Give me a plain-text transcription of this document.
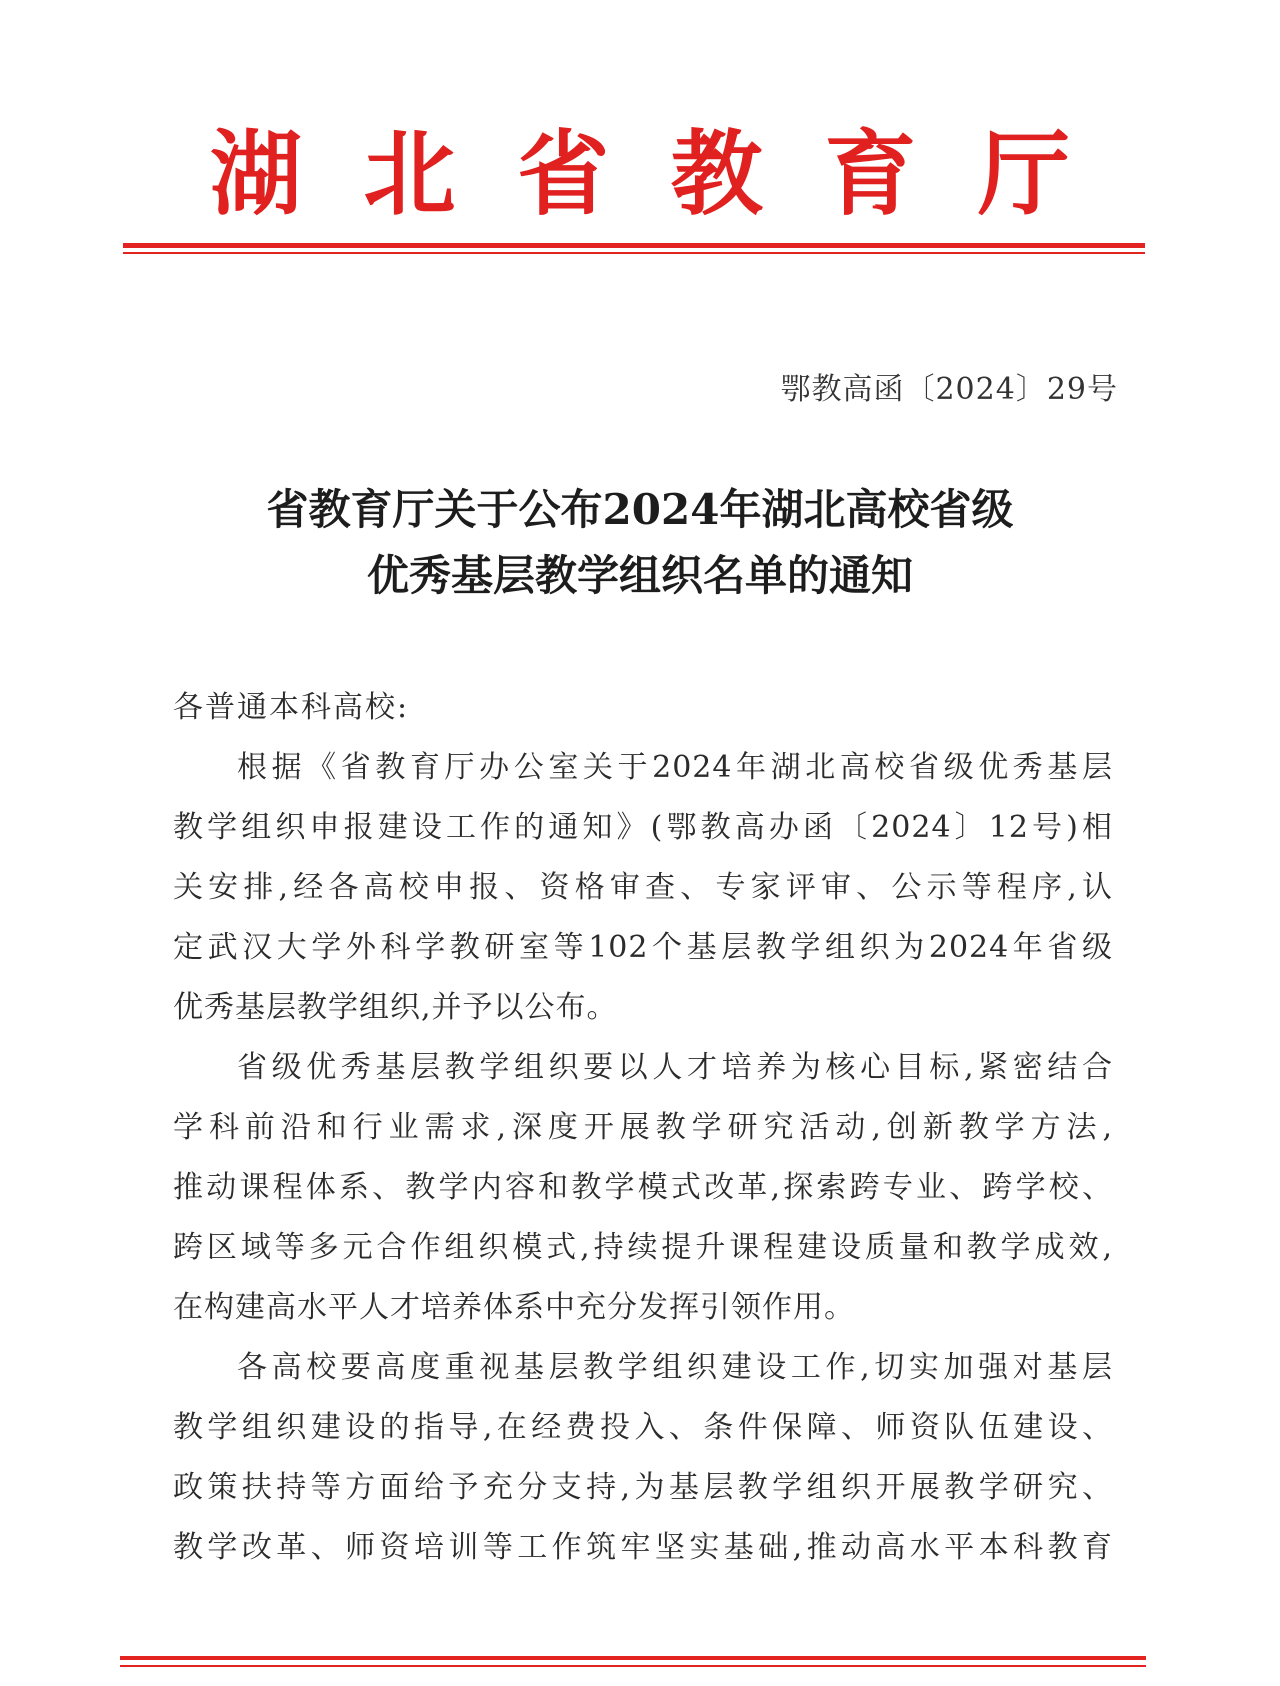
湖 北 省 教 育 厅
鄂教高函〔2024〕29号
省教育厅关于公布2024年湖北高校省级
优秀基层教学组织名单的通知
各普通本科高校:
根据《省教育厅办公室关于2024年湖北高校省级优秀基层
教学组织申报建设工作的通知》(鄂教高办函〔2024〕12号)相
关安排,经各高校申报、资格审查、专家评审、公示等程序,认
定武汉大学外科学教研室等102个基层教学组织为2024年省级
优秀基层教学组织,并予以公布。
省级优秀基层教学组织要以人才培养为核心目标,紧密结合
学科前沿和行业需求,深度开展教学研究活动,创新教学方法,
推动课程体系、教学内容和教学模式改革,探索跨专业、跨学校、
跨区域等多元合作组织模式,持续提升课程建设质量和教学成效,
在构建高水平人才培养体系中充分发挥引领作用。
各高校要高度重视基层教学组织建设工作,切实加强对基层
教学组织建设的指导,在经费投入、条件保障、师资队伍建设、
政策扶持等方面给予充分支持,为基层教学组织开展教学研究、
教学改革、师资培训等工作筑牢坚实基础,推动高水平本科教育
